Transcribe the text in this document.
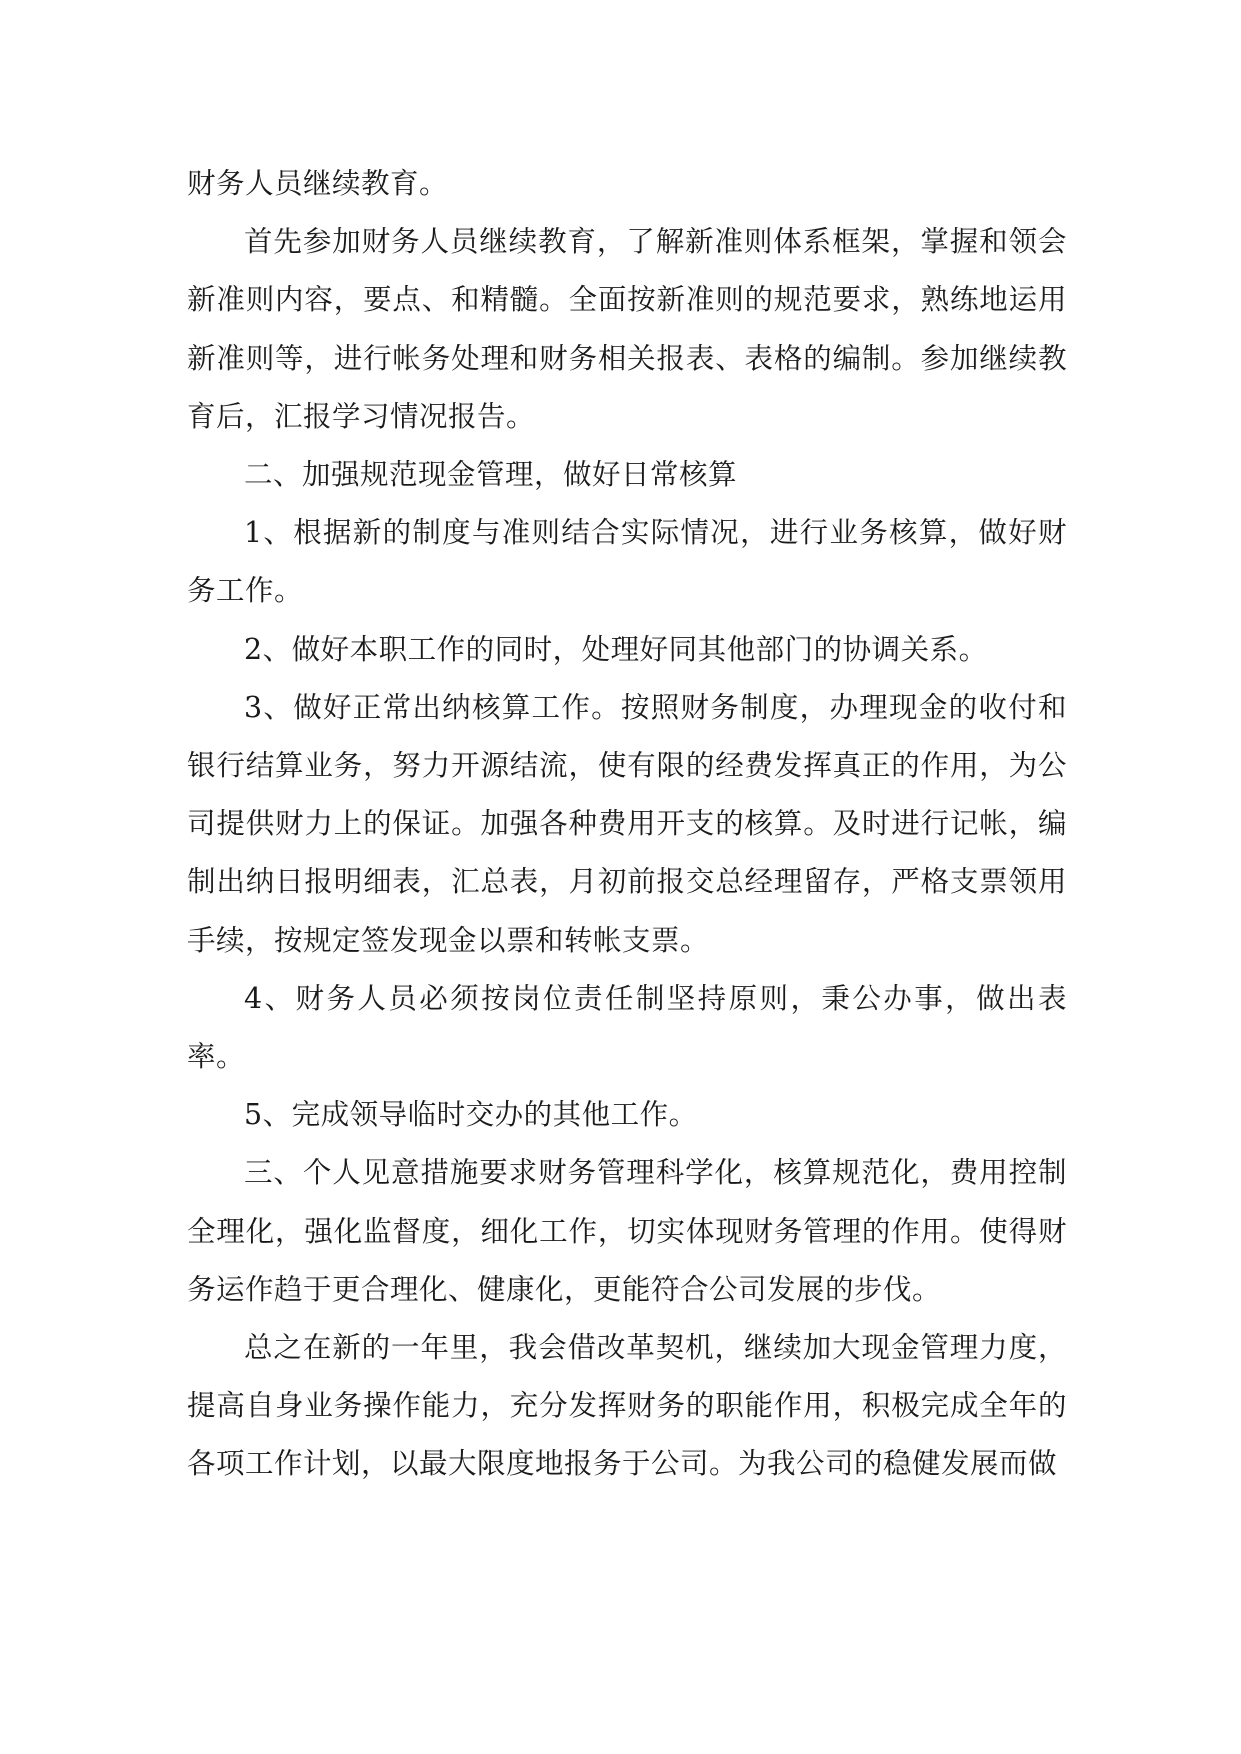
财务人员继续教育。

首先参加财务人员继续教育，了解新准则体系框架，掌握和领会新准则内容，要点、和精髓。全面按新准则的规范要求，熟练地运用新准则等，进行帐务处理和财务相关报表、表格的编制。参加继续教育后，汇报学习情况报告。

二、加强规范现金管理，做好日常核算

1、根据新的制度与准则结合实际情况，进行业务核算，做好财务工作。

2、做好本职工作的同时，处理好同其他部门的协调关系。

3、做好正常出纳核算工作。按照财务制度，办理现金的收付和银行结算业务，努力开源结流，使有限的经费发挥真正的作用，为公司提供财力上的保证。加强各种费用开支的核算。及时进行记帐，编制出纳日报明细表，汇总表，月初前报交总经理留存，严格支票领用手续，按规定签发现金以票和转帐支票。

4、财务人员必须按岗位责任制坚持原则，秉公办事，做出表率。

5、完成领导临时交办的其他工作。

三、个人见意措施要求财务管理科学化，核算规范化，费用控制全理化，强化监督度，细化工作，切实体现财务管理的作用。使得财务运作趋于更合理化、健康化，更能符合公司发展的步伐。

总之在新的一年里，我会借改革契机，继续加大现金管理力度，提高自身业务操作能力，充分发挥财务的职能作用，积极完成全年的各项工作计划，以最大限度地报务于公司。为我公司的稳健发展而做
